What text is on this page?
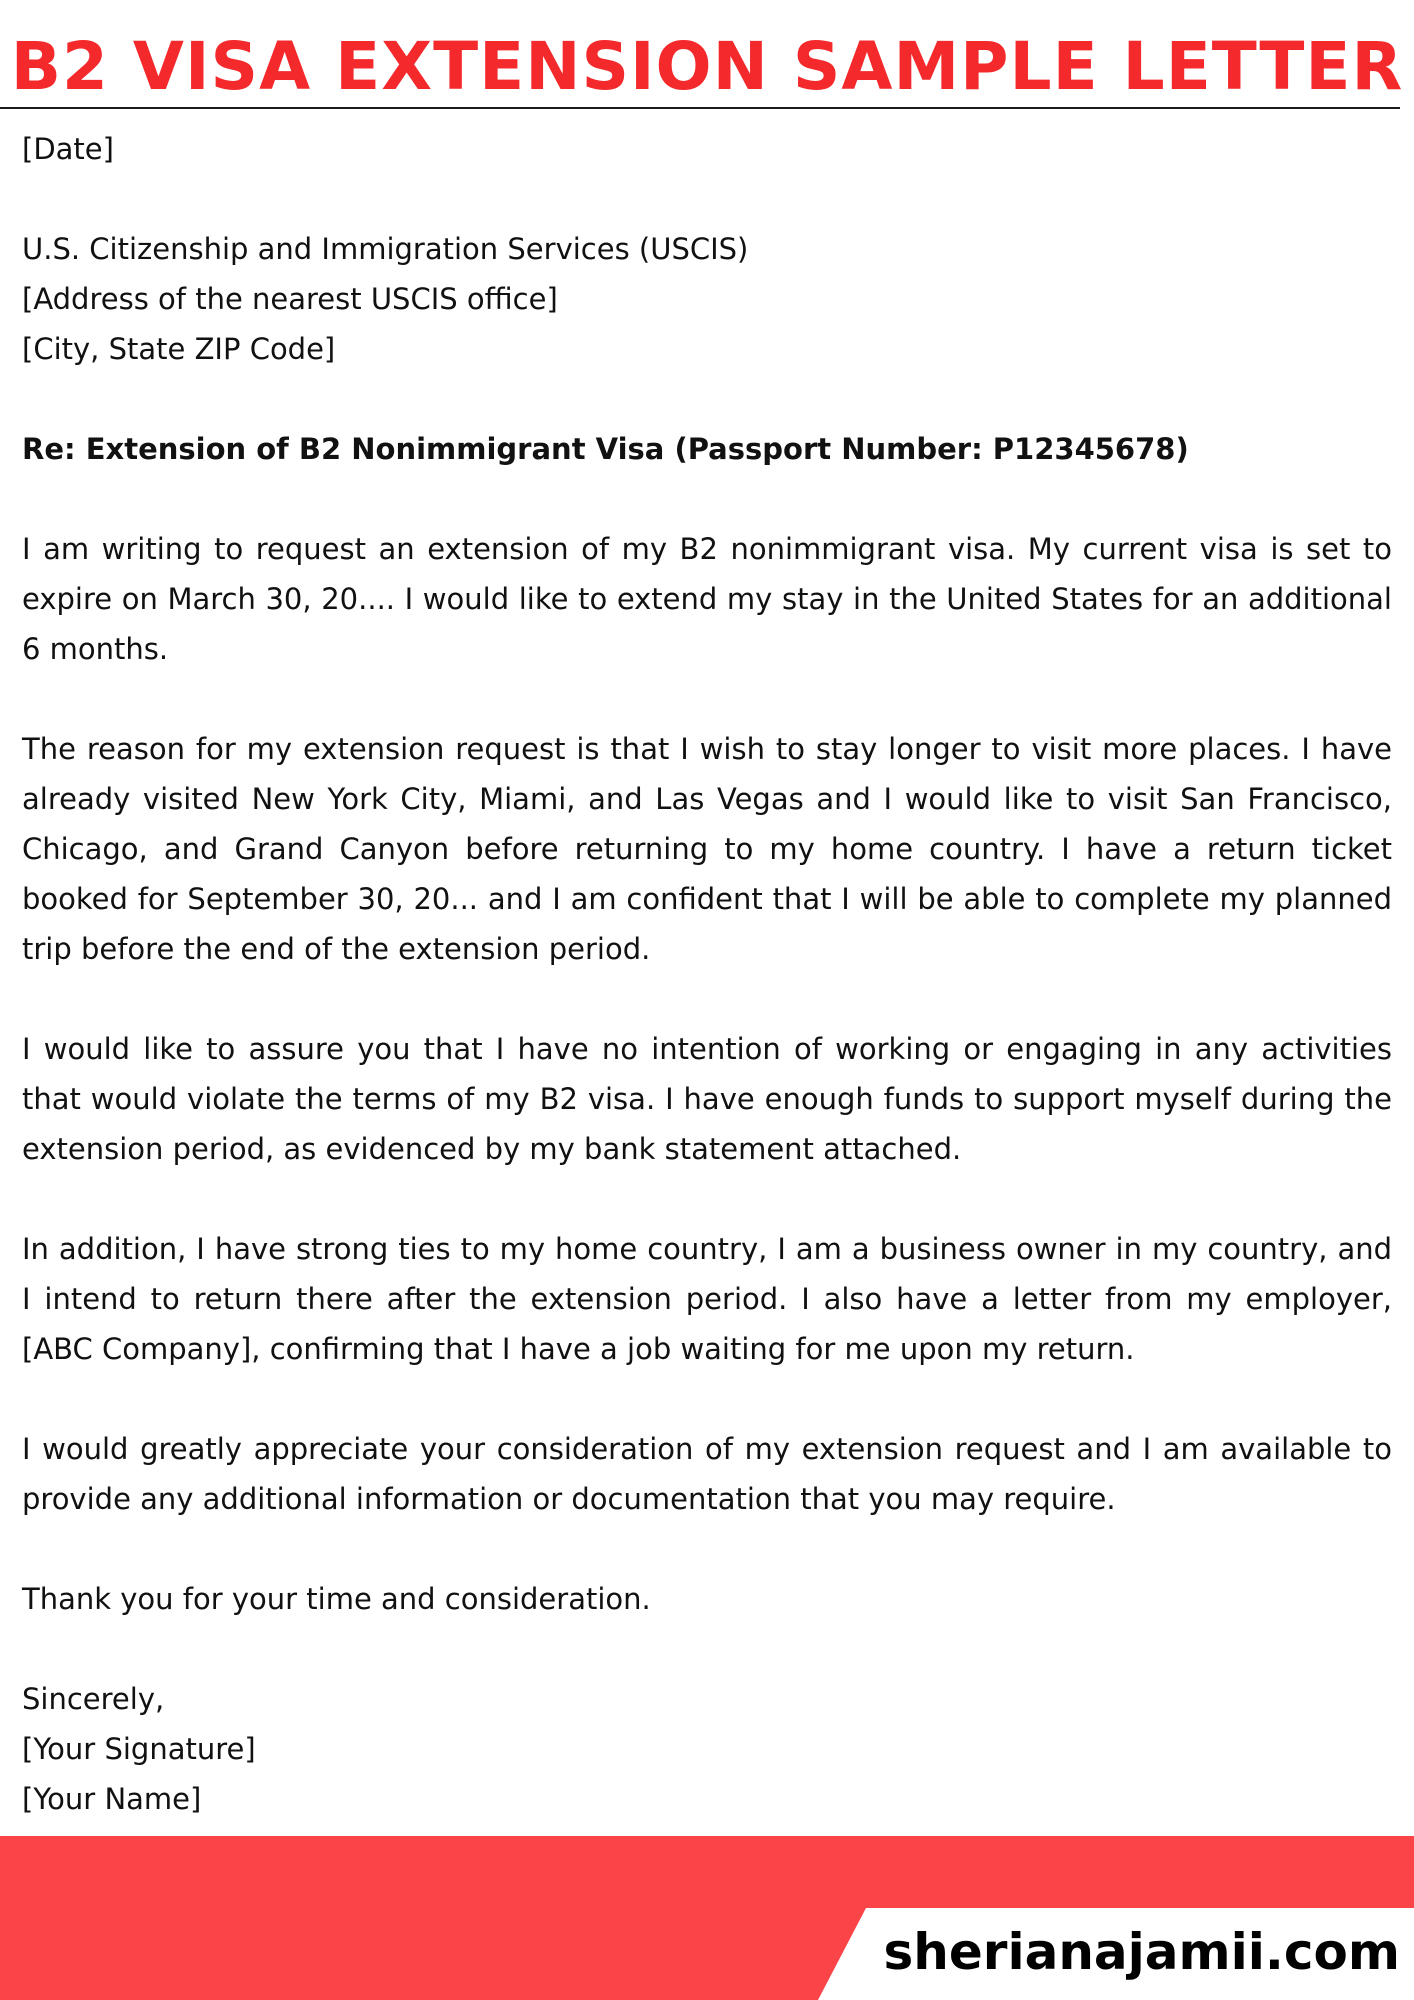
B2 VISA EXTENSION SAMPLE LETTER

[Date]

U.S. Citizenship and Immigration Services (USCIS)
[Address of the nearest USCIS office]
[City, State ZIP Code]

Re: Extension of B2 Nonimmigrant Visa (Passport Number: P12345678)

I am writing to request an extension of my B2 nonimmigrant visa. My current visa is set to expire on March 30, 20.... I would like to extend my stay in the United States for an additional 6 months.

The reason for my extension request is that I wish to stay longer to visit more places. I have already visited New York City, Miami, and Las Vegas and I would like to visit San Francisco, Chicago, and Grand Canyon before returning to my home country. I have a return ticket booked for September 30, 20... and I am confident that I will be able to complete my planned trip before the end of the extension period.

I would like to assure you that I have no intention of working or engaging in any activities that would violate the terms of my B2 visa. I have enough funds to support myself during the extension period, as evidenced by my bank statement attached.

In addition, I have strong ties to my home country, I am a business owner in my country, and I intend to return there after the extension period. I also have a letter from my employer, [ABC Company], confirming that I have a job waiting for me upon my return.

I would greatly appreciate your consideration of my extension request and I am available to provide any additional information or documentation that you may require.

Thank you for your time and consideration.

Sincerely,
[Your Signature]
[Your Name]
sherianajamii.com
